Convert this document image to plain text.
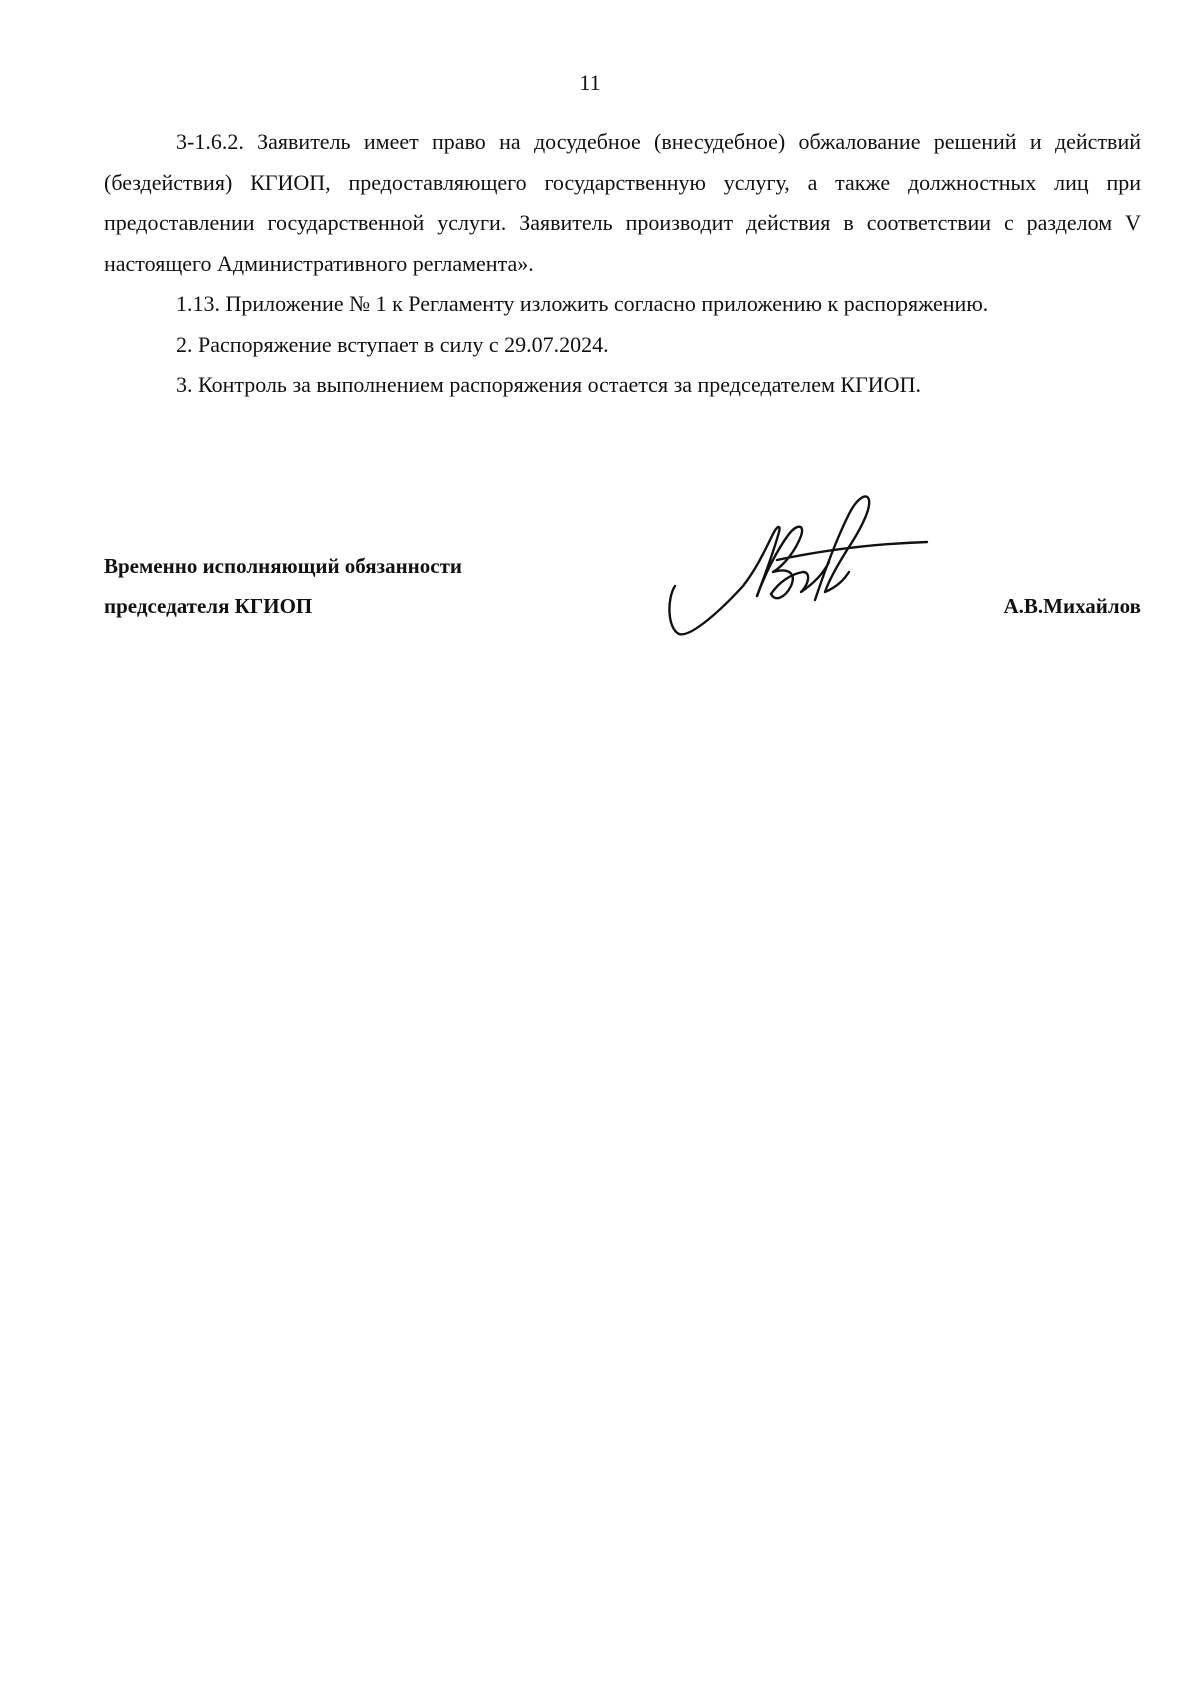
11

3-1.6.2. Заявитель имеет право на досудебное (внесудебное) обжалование решений и действий (бездействия) КГИОП, предоставляющего государственную услугу, а также должностных лиц при предоставлении государственной услуги. Заявитель производит действия в соответствии с разделом V настоящего Административного регламента».

1.13. Приложение № 1 к Регламенту изложить согласно приложению к распоряжению.

2. Распоряжение вступает в силу с 29.07.2024.

3. Контроль за выполнением распоряжения остается за председателем КГИОП.

Временно исполняющий обязанности
председателя КГИОП	А.В.Михайлов
